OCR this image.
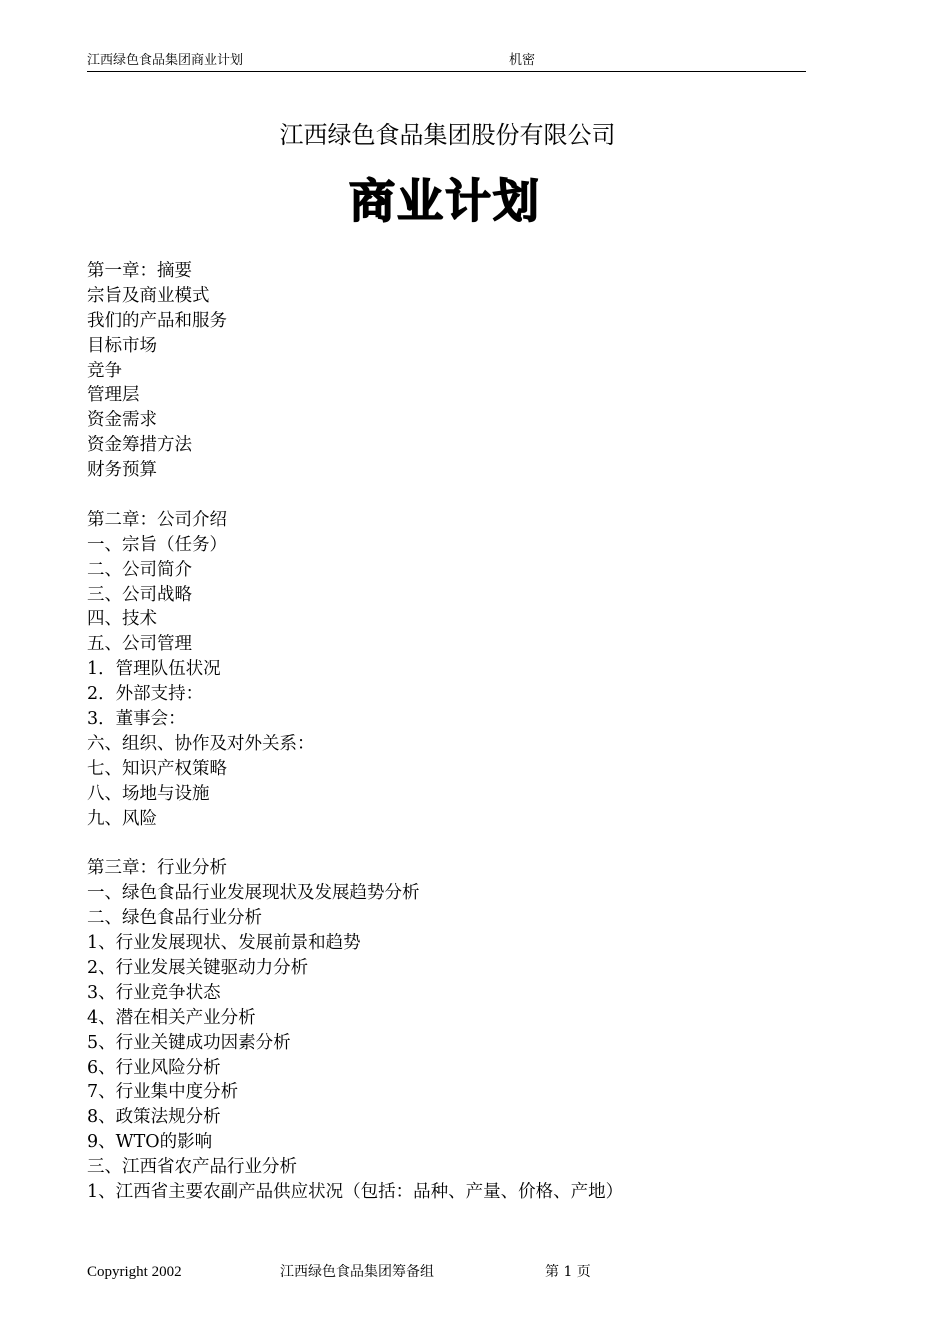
江西绿色食品集团商业计划	机密
江西绿色食品集团股份有限公司
商业计划
第一章：摘要
宗旨及商业模式
我们的产品和服务
目标市场
竞争
管理层
资金需求
资金筹措方法
财务预算
第二章：公司介绍
一、宗旨（任务）
二、公司简介
三、公司战略
四、技术
五、公司管理
1．管理队伍状况
2．外部支持：
3．董事会：
六、组织、协作及对外关系：
七、知识产权策略
八、场地与设施
九、风险
第三章：行业分析
一、绿色食品行业发展现状及发展趋势分析
二、绿色食品行业分析
1、行业发展现状、发展前景和趋势
2、行业发展关键驱动力分析
3、行业竞争状态
4、潜在相关产业分析
5、行业关键成功因素分析
6、行业风险分析
7、行业集中度分析
8、政策法规分析
9、WTO的影响
三、江西省农产品行业分析
1、江西省主要农副产品供应状况（包括：品种、产量、价格、产地）
Copyright 2002	江西绿色食品集团筹备组	第 1 页
